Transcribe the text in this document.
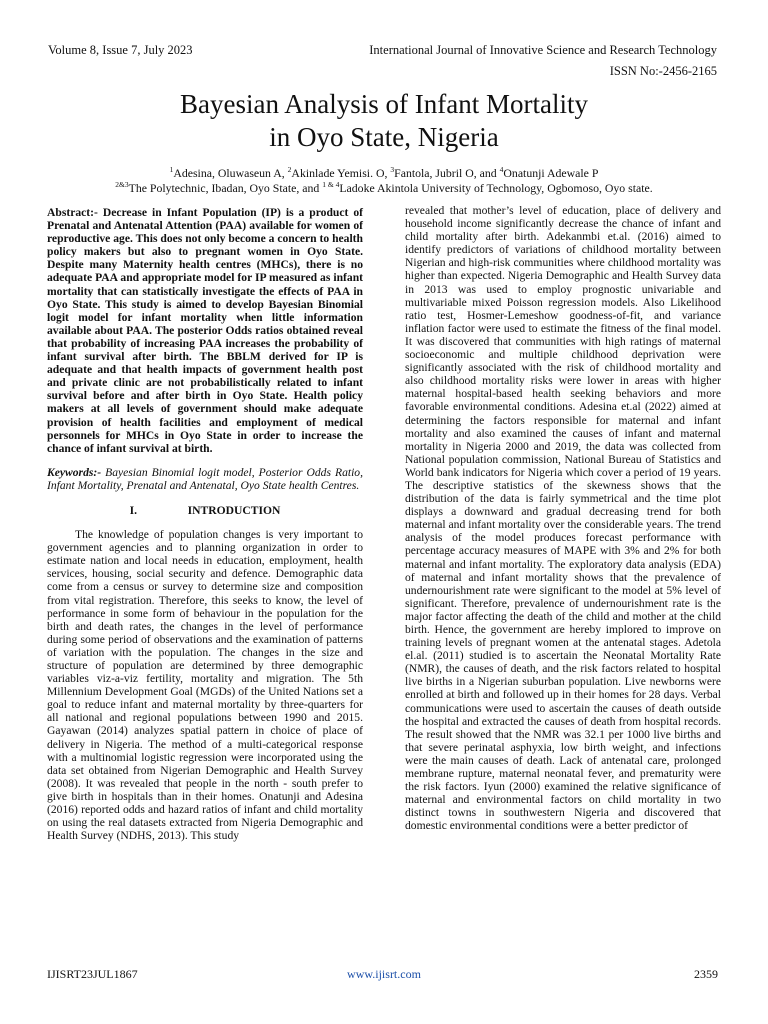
Volume 8, Issue 7, July 2023	International Journal of Innovative Science and Research Technology
ISSN No:-2456-2165
Bayesian Analysis of Infant Mortality
in Oyo State, Nigeria
$^1$Adesina, Oluwaseun A, $^2$Akinlade Yemisi. O, $^3$Fantola, Jubril O, and $^4$Onatunji Adewale P
$^{2\&3}$The Polytechnic, Ibadan, Oyo State, and $^{1 \& 4}$Ladoke Akintola University of Technology, Ogbomoso, Oyo state.

Abstract:- Decrease in Infant Population (IP) is a product of Prenatal and Antenatal Attention (PAA) available for women of reproductive age. This does not only become a concern to health policy makers but also to pregnant women in Oyo State. Despite many Maternity health centres (MHCs), there is no adequate PAA and appropriate model for IP measured as infant mortality that can statistically investigate the effects of PAA in Oyo State. This study is aimed to develop Bayesian Binomial logit model for infant mortality when little information available about PAA. The posterior Odds ratios obtained reveal that probability of increasing PAA increases the probability of infant survival after birth. The BBLM derived for IP is adequate and that health impacts of government health post and private clinic are not probabilistically related to infant survival before and after birth in Oyo State. Health policy makers at all levels of government should make adequate provision of health facilities and employment of medical personnels for MHCs in Oyo State in order to increase the chance of infant survival at birth.

Keywords:- Bayesian Binomial logit model, Posterior Odds Ratio, Infant Mortality, Prenatal and Antenatal, Oyo State health Centres.

I.	INTRODUCTION

The knowledge of population changes is very important to government agencies and to planning organization in order to estimate nation and local needs in education, employment, health services, housing, social security and defence. Demographic data come from a census or survey to determine size and composition from vital registration. Therefore, this seeks to know, the level of performance in some form of behaviour in the population for the birth and death rates, the changes in the level of performance during some period of observations and the examination of patterns of variation with the population. The changes in the size and structure of population are determined by three demographic variables viz-a-viz fertility, mortality and migration. The 5th Millennium Development Goal (MGDs) of the United Nations set a goal to reduce infant and maternal mortality by three-quarters for all national and regional populations between 1990 and 2015. Gayawan (2014) analyzes spatial pattern in choice of place of delivery in Nigeria. The method of a multi-categorical response with a multinomial logistic regression were incorporated using the data set obtained from Nigerian Demographic and Health Survey (2008). It was revealed that people in the north - south prefer to give birth in hospitals than in their homes. Onatunji and Adesina (2016) reported odds and hazard ratios of infant and child mortality on using the real datasets extracted from Nigeria Demographic and Health Survey (NDHS, 2013). This study

revealed that mother’s level of education, place of delivery and household income significantly decrease the chance of infant and child mortality after birth. Adekanmbi et.al. (2016) aimed to identify predictors of variations of childhood mortality between Nigerian and high-risk communities where childhood mortality was higher than expected. Nigeria Demographic and Health Survey data in 2013 was used to employ prognostic univariable and multivariable mixed Poisson regression models. Also Likelihood ratio test, Hosmer-Lemeshow goodness-of-fit, and variance inflation factor were used to estimate the fitness of the final model. It was discovered that communities with high ratings of maternal socioeconomic and multiple childhood deprivation were significantly associated with the risk of childhood mortality and also childhood mortality risks were lower in areas with higher maternal hospital-based health seeking behaviors and more favorable environmental conditions. Adesina et.al (2022) aimed at determining the factors responsible for maternal and infant mortality and also examined the causes of infant and maternal mortality in Nigeria 2000 and 2019, the data was collected from National population commission, National Bureau of Statistics and World bank indicators for Nigeria which cover a period of 19 years. The descriptive statistics of the skewness shows that the distribution of the data is fairly symmetrical and the time plot displays a downward and gradual decreasing trend for both maternal and infant mortality over the considerable years. The trend analysis of the model produces forecast performance with percentage accuracy measures of MAPE with 3% and 2% for both maternal and infant mortality. The exploratory data analysis (EDA) of maternal and infant mortality shows that the prevalence of undernourishment rate were significant to the model at 5% level of significant. Therefore, prevalence of undernourishment rate is the major factor affecting the death of the child and mother at the child birth. Hence, the government are hereby implored to improve on training levels of pregnant women at the antenatal stages. Adetola el.al. (2011) studied is to ascertain the Neonatal Mortality Rate (NMR), the causes of death, and the risk factors related to hospital live births in a Nigerian suburban population. Live newborns were enrolled at birth and followed up in their homes for 28 days. Verbal communications were used to ascertain the causes of death outside the hospital and extracted the causes of death from hospital records. The result showed that the NMR was 32.1 per 1000 live births and that severe perinatal asphyxia, low birth weight, and infections were the main causes of death. Lack of antenatal care, prolonged membrane rupture, maternal neonatal fever, and prematurity were the risk factors. Iyun (2000) examined the relative significance of maternal and environmental factors on child mortality in two distinct towns in southwestern Nigeria and discovered that domestic environmental conditions were a better predictor of

IJISRT23JUL1867	www.ijisrt.com	2359
